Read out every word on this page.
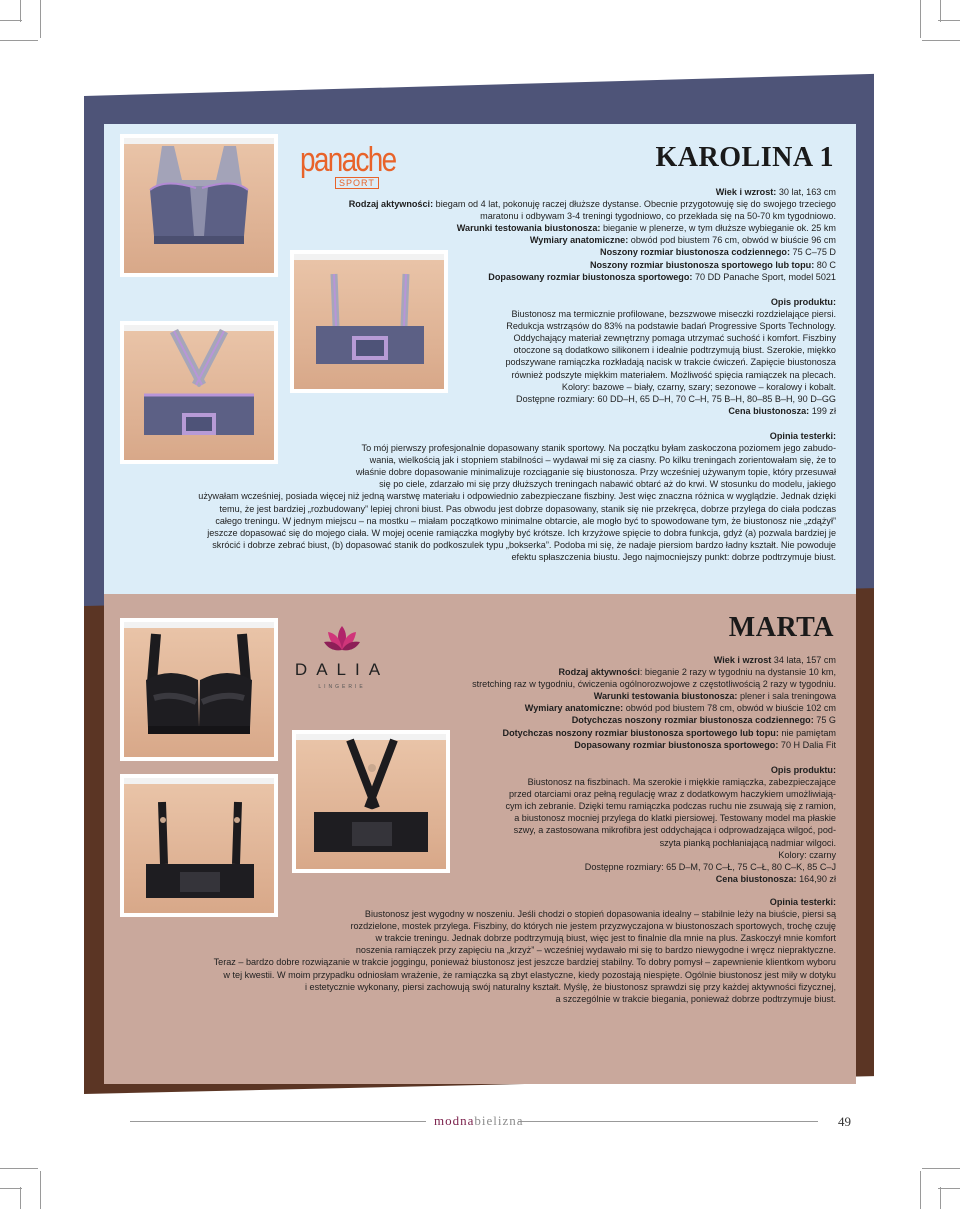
panache
SPORT
KAROLINA 1

Wiek i wzrost: 30 lat, 163 cm

Rodzaj aktywności: biegam od 4 lat, pokonuję raczej dłuższe dystanse. Obecnie przygotowuję się do swojego trzeciego

maratonu i odbywam 3-4 treningi tygodniowo, co przekłada się na 50-70 km tygodniowo.

Warunki testowania biustonosza: bieganie w plenerze, w tym dłuższe wybieganie ok. 25 km

Wymiary anatomiczne: obwód pod biustem 76 cm, obwód w biuście 96 cm

Noszony rozmiar biustonosza codziennego: 75 C–75 D

Noszony rozmiar biustonosza sportowego lub topu: 80 C

Dopasowany rozmiar biustonosza sportowego: 70 DD Panache Sport, model 5021

Opis produktu:

Biustonosz ma termicznie profilowane, bezszwowe miseczki rozdzielające piersi.

Redukcja wstrząsów do 83% na podstawie badań Progressive Sports Technology.

Oddychający materiał zewnętrzny pomaga utrzymać suchość i komfort. Fiszbiny

otoczone są dodatkowo silikonem i idealnie podtrzymują biust. Szerokie, miękko

podszywane ramiączka rozkładają nacisk w trakcie ćwiczeń. Zapięcie biustonosza

również podszyte miękkim materiałem. Możliwość spięcia ramiączek na plecach.

Kolory: bazowe – biały, czarny, szary; sezonowe – koralowy i kobalt.

Dostępne rozmiary: 60 DD–H, 65 D–H, 70 C–H, 75 B–H, 80–85 B–H, 90 D–GG

Cena biustonosza: 199 zł

Opinia testerki:

To mój pierwszy profesjonalnie dopasowany stanik sportowy. Na początku byłam zaskoczona poziomem jego zabudo-

wania, wielkością jak i stopniem stabilności – wydawał mi się za ciasny. Po kilku treningach zorientowałam się, że to

właśnie dobre dopasowanie minimalizuje rozciąganie się biustonosza. Przy wcześniej używanym topie, który przesuwał

się po ciele, zdarzało mi się przy dłuższych treningach nabawić obtarć aż do krwi. W stosunku do modelu, jakiego

używałam wcześniej, posiada więcej niż jedną warstwę materiału i odpowiednio zabezpieczane fiszbiny. Jest więc znaczna różnica w wyglądzie. Jednak dzięki

temu, że jest bardziej „rozbudowany” lepiej chroni biust. Pas obwodu jest dobrze dopasowany, stanik się nie przekręca, dobrze przylega do ciała podczas

całego treningu. W jednym miejscu – na mostku – miałam początkowo minimalne obtarcie, ale mogło być to spowodowane tym, że biustonosz nie „zdążył”

jeszcze dopasować się do mojego ciała. W mojej ocenie ramiączka mogłyby być krótsze. Ich krzyżowe spięcie to dobra funkcja, gdyż (a) pozwala bardziej je

skrócić i dobrze zebrać biust, (b) dopasować stanik do podkoszulek typu „bokserka”. Podoba mi się, że nadaje piersiom bardzo ładny kształt. Nie powoduje

efektu spłaszczenia biustu. Jego najmocniejszy punkt: dobrze podtrzymuje biust.

DALIA
LINGERIE
MARTA

Wiek i wzrost 34 lata, 157 cm

Rodzaj aktywności: bieganie 2 razy w tygodniu na dystansie 10 km,

stretching raz w tygodniu, ćwiczenia ogólnorozwojowe z częstotliwością 2 razy w tygodniu.

Warunki testowania biustonosza: plener i sala treningowa

Wymiary anatomiczne: obwód pod biustem 78 cm, obwód w biuście 102 cm

Dotychczas noszony rozmiar biustonosza codziennego: 75 G

Dotychczas noszony rozmiar biustonosza sportowego lub topu: nie pamiętam

Dopasowany rozmiar biustonosza sportowego: 70 H Dalia Fit

Opis produktu:

Biustonosz na fiszbinach. Ma szerokie i miękkie ramiączka, zabezpieczające

przed otarciami oraz pełną regulację wraz z dodatkowym haczykiem umożliwiają-

cym ich zebranie. Dzięki temu ramiączka podczas ruchu nie zsuwają się z ramion,

a biustonosz mocniej przylega do klatki piersiowej. Testowany model ma płaskie

szwy, a zastosowana mikrofibra jest oddychająca i odprowadzająca wilgoć, pod-

szyta pianką pochłaniającą nadmiar wilgoci.

Kolory: czarny

Dostępne rozmiary: 65 D–M, 70 C–Ł, 75 C–Ł, 80 C–K, 85 C–J

Cena biustonosza: 164,90 zł

Opinia testerki:

Biustonosz jest wygodny w noszeniu. Jeśli chodzi o stopień dopasowania idealny – stabilnie leży na biuście, piersi są

rozdzielone, mostek przylega. Fiszbiny, do których nie jestem przyzwyczajona w biustonoszach sportowych, trochę czuję

w trakcie treningu. Jednak dobrze podtrzymują biust, więc jest to finalnie dla mnie na plus. Zaskoczył mnie komfort

noszenia ramiączek przy zapięciu na „krzyż” – wcześniej wydawało mi się to bardzo niewygodne i wręcz niepraktyczne.

Teraz – bardzo dobre rozwiązanie w trakcie joggingu, ponieważ biustonosz jest jeszcze bardziej stabilny. To dobry pomysł – zapewnienie klientkom wyboru

w tej kwestii. W moim przypadku odniosłam wrażenie, że ramiączka są zbyt elastyczne, kiedy pozostają niespięte. Ogólnie biustonosz jest miły w dotyku

i estetycznie wykonany, piersi zachowują swój naturalny kształt. Myślę, że biustonosz sprawdzi się przy każdej aktywności fizycznej,

a szczególnie w trakcie biegania, ponieważ dobrze podtrzymuje biust.

modnabielizna	49
